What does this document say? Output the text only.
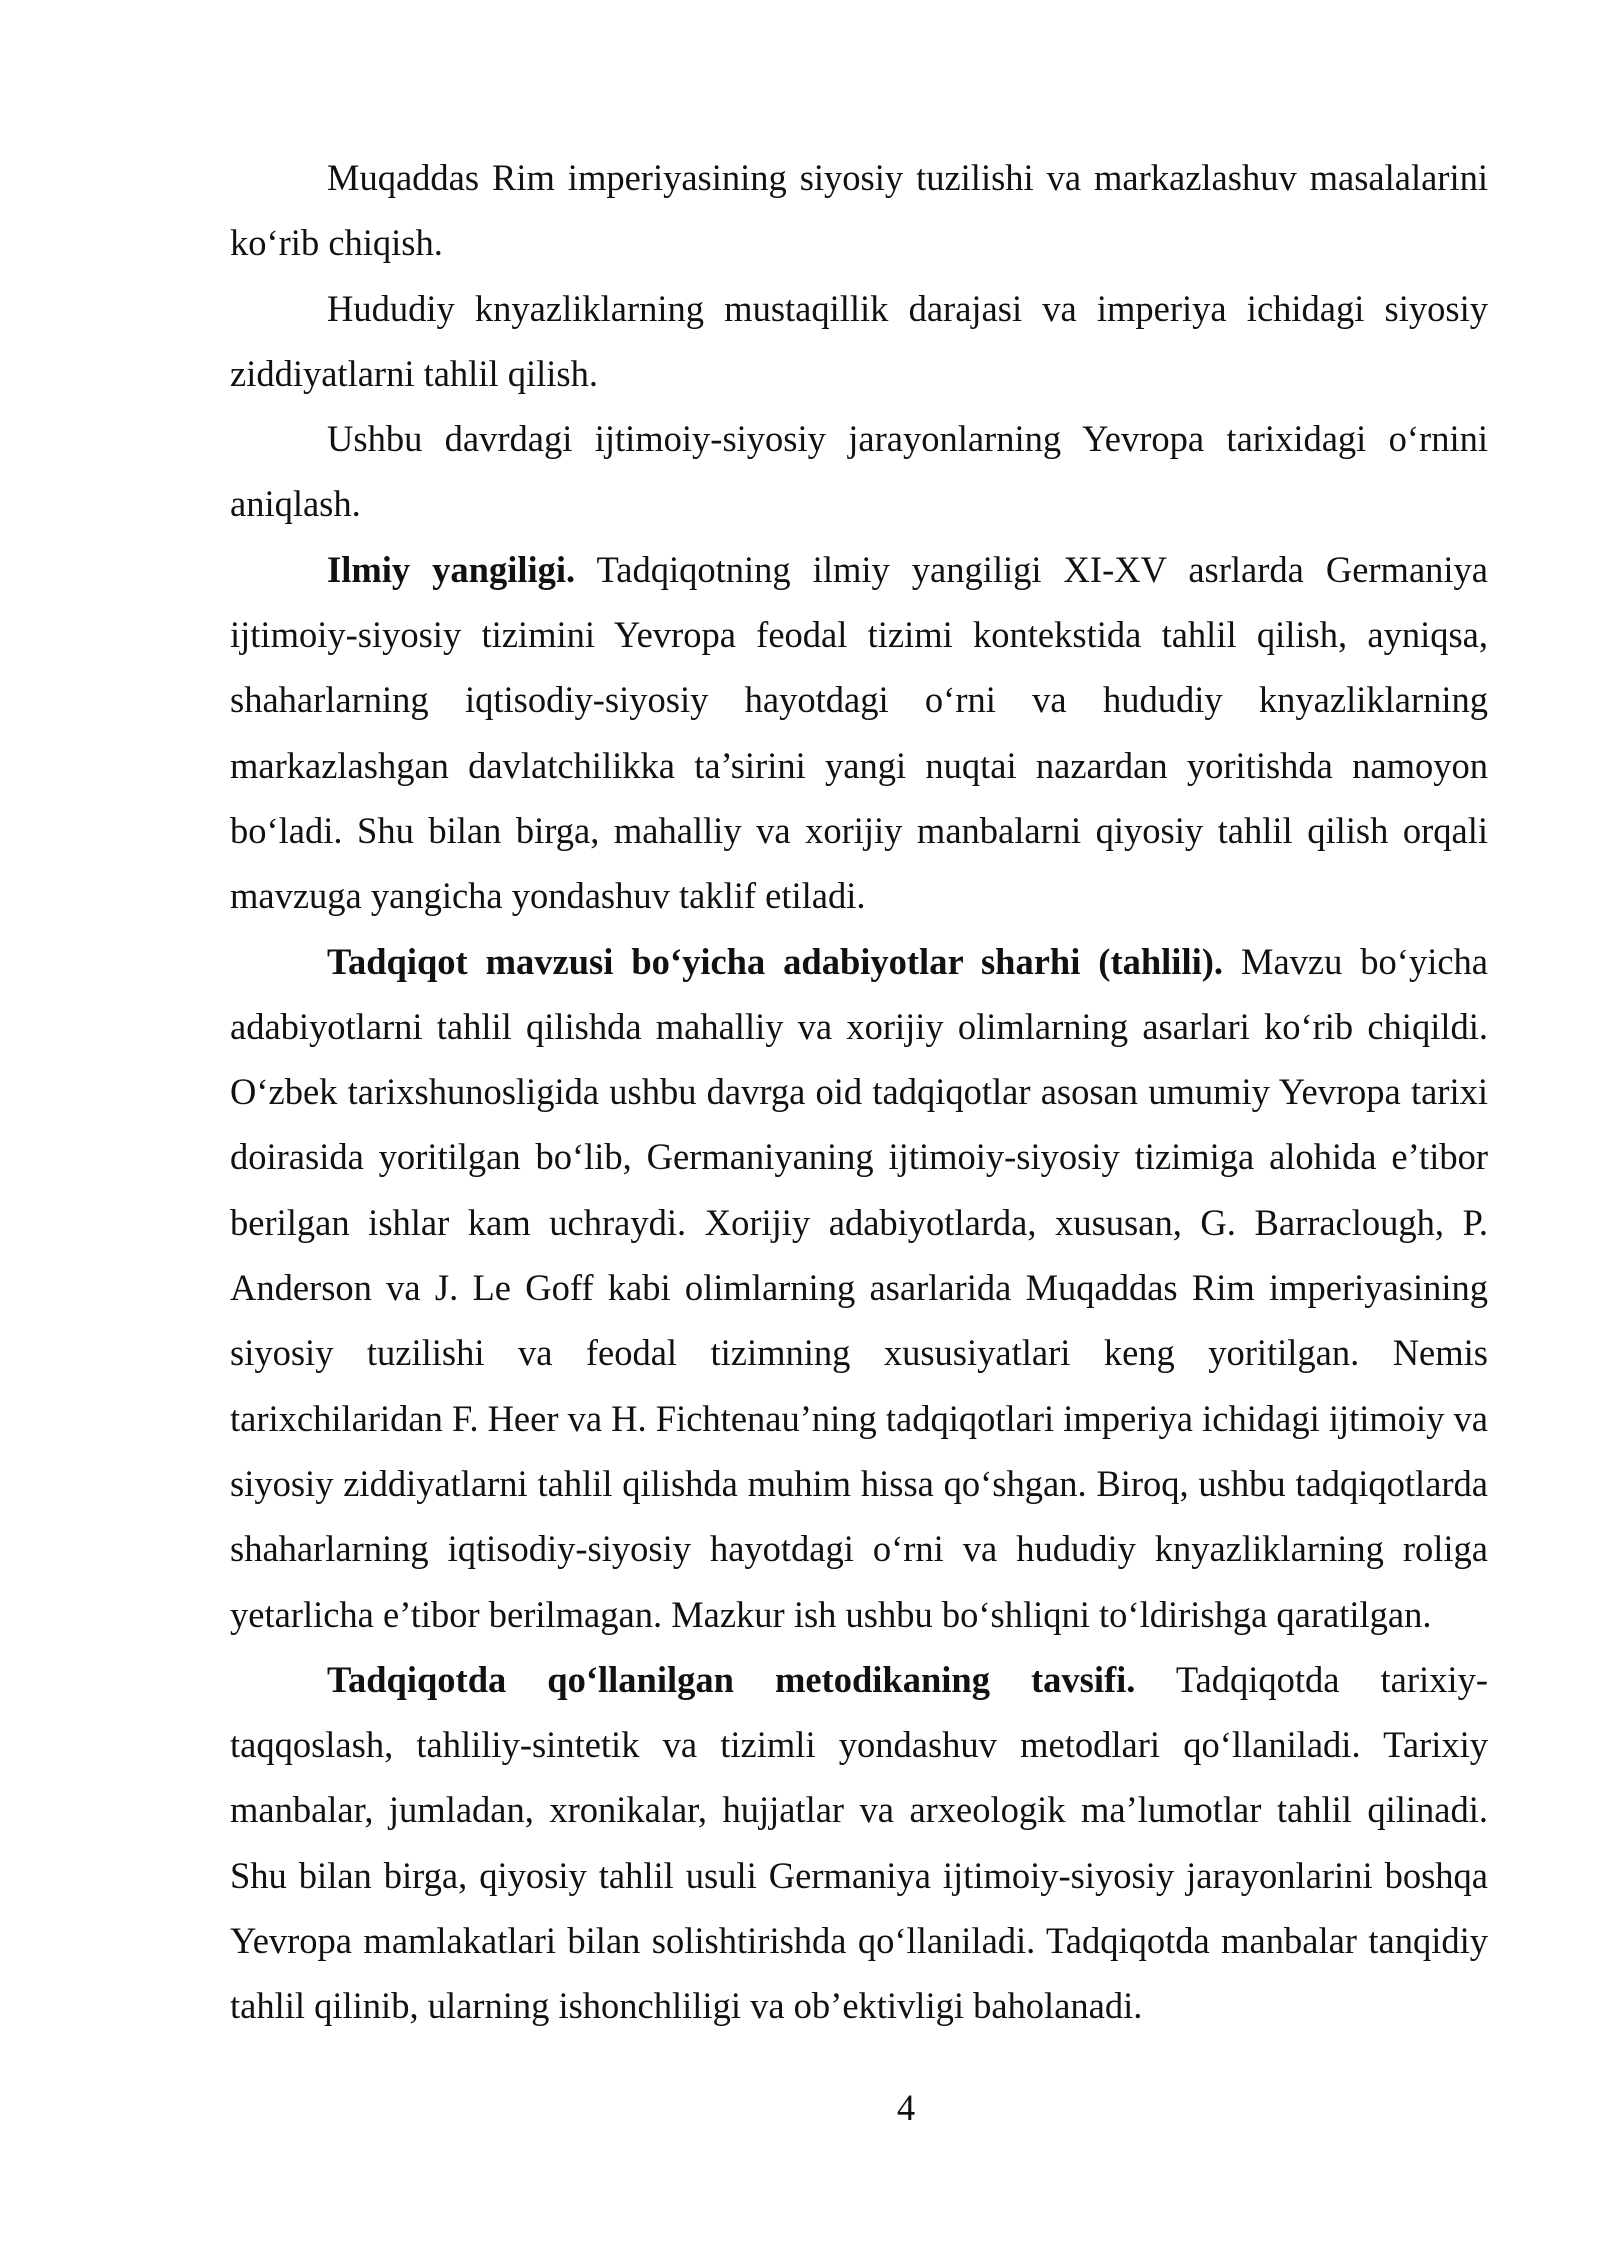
Muqaddas Rim imperiyasining siyosiy tuzilishi va markazlashuv masalalarini ko‘rib chiqish.

Hududiy knyazliklarning mustaqillik darajasi va imperiya ichidagi siyosiy ziddiyatlarni tahlil qilish.

Ushbu davrdagi ijtimoiy-siyosiy jarayonlarning Yevropa tarixidagi o‘rnini aniqlash.

Ilmiy yangiligi. Tadqiqotning ilmiy yangiligi XI-XV asrlarda Germaniya ijtimoiy-siyosiy tizimini Yevropa feodal tizimi kontekstida tahlil qilish, ayniqsa, shaharlarning iqtisodiy-siyosiy hayotdagi o‘rni va hududiy knyazliklarning markazlashgan davlatchilikka ta’sirini yangi nuqtai nazardan yoritishda namoyon bo‘ladi. Shu bilan birga, mahalliy va xorijiy manbalarni qiyosiy tahlil qilish orqali mavzuga yangicha yondashuv taklif etiladi.

Tadqiqot mavzusi bo‘yicha adabiyotlar sharhi (tahlili). Mavzu bo‘yicha adabiyotlarni tahlil qilishda mahalliy va xorijiy olimlarning asarlari ko‘rib chiqildi. O‘zbek tarixshunosligida ushbu davrga oid tadqiqotlar asosan umumiy Yevropa tarixi doirasida yoritilgan bo‘lib, Germaniyaning ijtimoiy-siyosiy tizimiga alohida e’tibor berilgan ishlar kam uchraydi. Xorijiy adabiyotlarda, xususan, G. Barraclough, P. Anderson va J. Le Goff kabi olimlarning asarlarida Muqaddas Rim imperiyasining siyosiy tuzilishi va feodal tizimning xususiyatlari keng yoritilgan. Nemis tarixchilaridan F. Heer va H. Fichtenau’ning tadqiqotlari imperiya ichidagi ijtimoiy va siyosiy ziddiyatlarni tahlil qilishda muhim hissa qo‘shgan. Biroq, ushbu tadqiqotlarda shaharlarning iqtisodiy-siyosiy hayotdagi o‘rni va hududiy knyazliklarning roliga yetarlicha e’tibor berilmagan. Mazkur ish ushbu bo‘shliqni to‘ldirishga qaratilgan.

Tadqiqotda qo‘llanilgan metodikaning tavsifi. Tadqiqotda tarixiy-taqqoslash, tahliliy-sintetik va tizimli yondashuv metodlari qo‘llaniladi. Tarixiy manbalar, jumladan, xronikalar, hujjatlar va arxeologik ma’lumotlar tahlil qilinadi. Shu bilan birga, qiyosiy tahlil usuli Germaniya ijtimoiy-siyosiy jarayonlarini boshqa Yevropa mamlakatlari bilan solishtirishda qo‘llaniladi. Tadqiqotda manbalar tanqidiy tahlil qilinib, ularning ishonchliligi va ob’ektivligi baholanadi.

4
